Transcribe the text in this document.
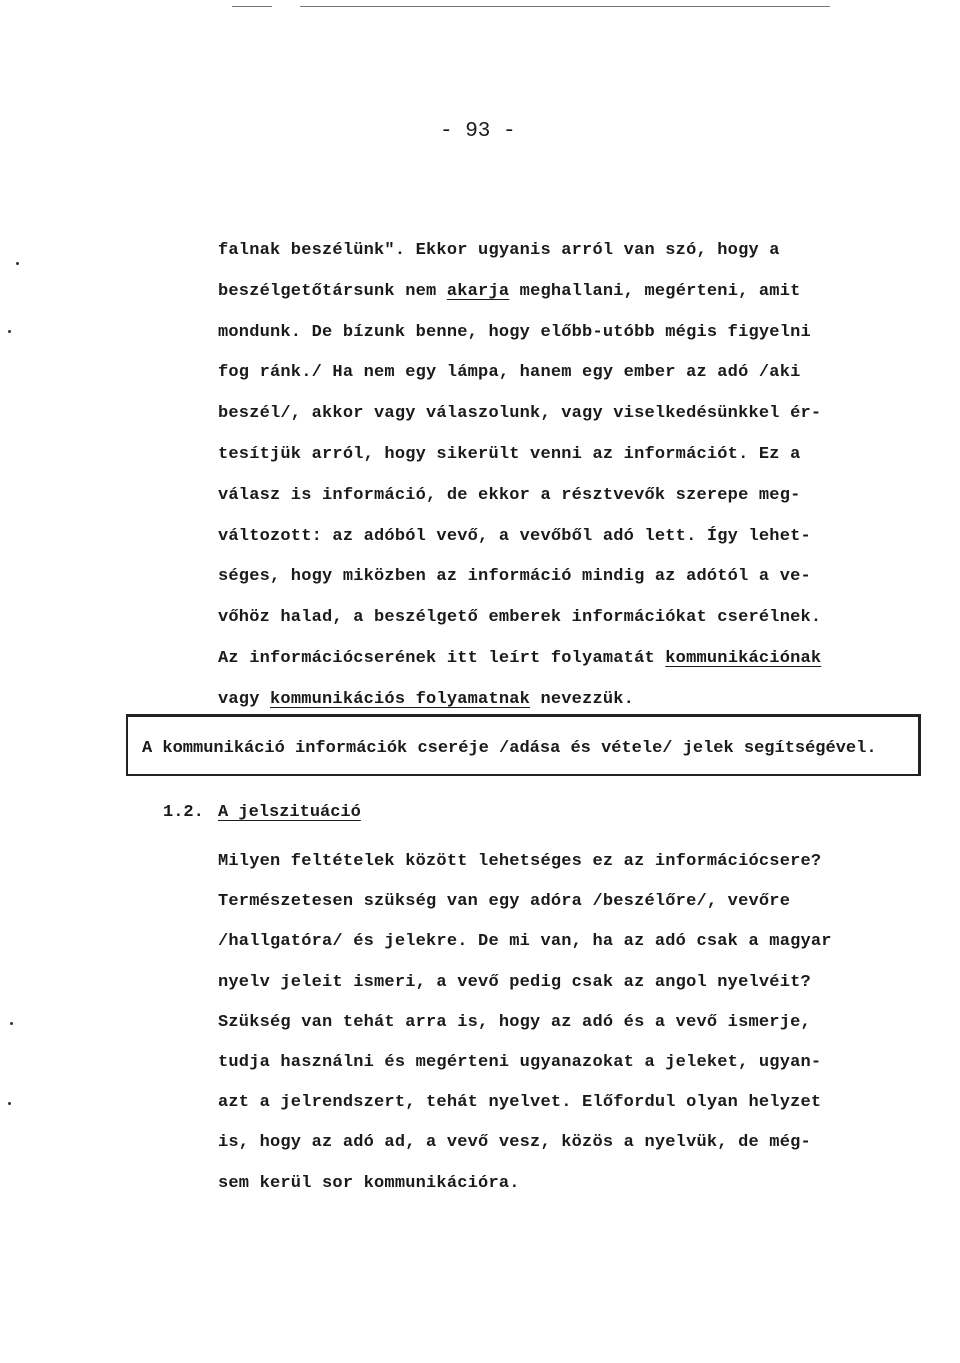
- 93 -
falnak beszélünk". Ekkor ugyanis arról van szó, hogy a
beszélgetőtársunk nem akarja meghallani, megérteni, amit
mondunk. De bízunk benne, hogy előbb-utóbb mégis figyelni
fog ránk./ Ha nem egy lámpa, hanem egy ember az adó /aki
beszél/, akkor vagy válaszolunk, vagy viselkedésünkkel ér-
tesítjük arról, hogy sikerült venni az információt. Ez a
válasz is információ, de ekkor a résztvevők szerepe meg-
változott: az adóból vevő, a vevőből adó lett. Így lehet-
séges, hogy miközben az információ mindig az adótól a ve-
vőhöz halad, a beszélgető emberek információkat cserélnek.
Az információcserének itt leírt folyamatát kommunikációnak
vagy kommunikációs folyamatnak nevezzük.
A kommunikáció információk cseréje /adása és vétele/ jelek segítségével.
1.2. A jelszituáció
Milyen feltételek között lehetséges ez az információcsere?
Természetesen szükség van egy adóra /beszélőre/, vevőre
/hallgatóra/ és jelekre. De mi van, ha az adó csak a magyar
nyelv jeleit ismeri, a vevő pedig csak az angol nyelvéit?
Szükség van tehát arra is, hogy az adó és a vevő ismerje,
tudja használni és megérteni ugyanazokat a jeleket, ugyan-
azt a jelrendszert, tehát nyelvet. Előfordul olyan helyzet
is, hogy az adó ad, a vevő vesz, közös a nyelvük, de még-
sem kerül sor kommunikációra.
